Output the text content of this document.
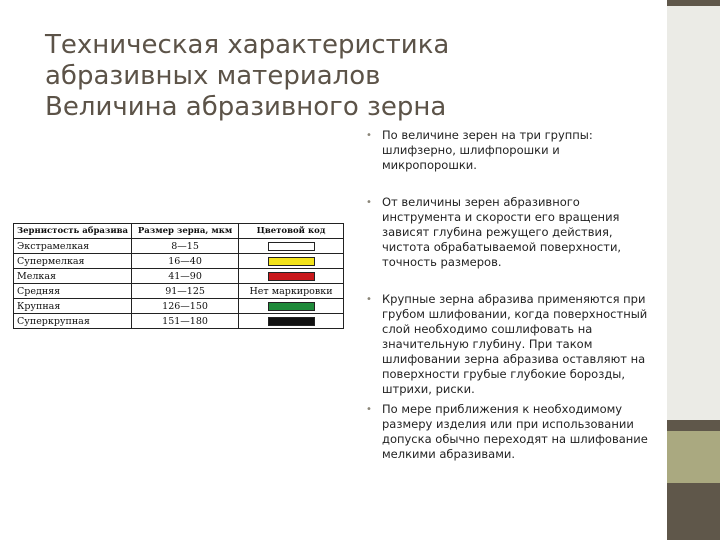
Техническая характеристика
абразивных материалов
Величина абразивного зерна
Зернистость абразива	Размер зерна, мкм	Цветовой код
Экстрамелкая	8—15	
Супермелкая	16—40	
Мелкая	41—90	
Средняя	91—125	Нет маркировки
Крупная	126—150	
Суперкрупная	151—180	
• По величине зерен на три группы: шлифзерно, шлифпорошки и микропорошки.
• От величины зерен абразивного инструмента и скорости его вращения зависят глубина режущего действия, чистота обрабатываемой поверхности, точность размеров.
• Крупные зерна абразива применяются при грубом шлифовании, когда поверхностный слой необходимо сошлифовать на значительную глубину. При таком шлифовании зерна абразива оставляют на поверхности грубые глубокие борозды, штрихи, риски.
• По мере приближения к необходимому размеру изделия или при использовании допуска обычно переходят на шлифование мелкими абразивами.
